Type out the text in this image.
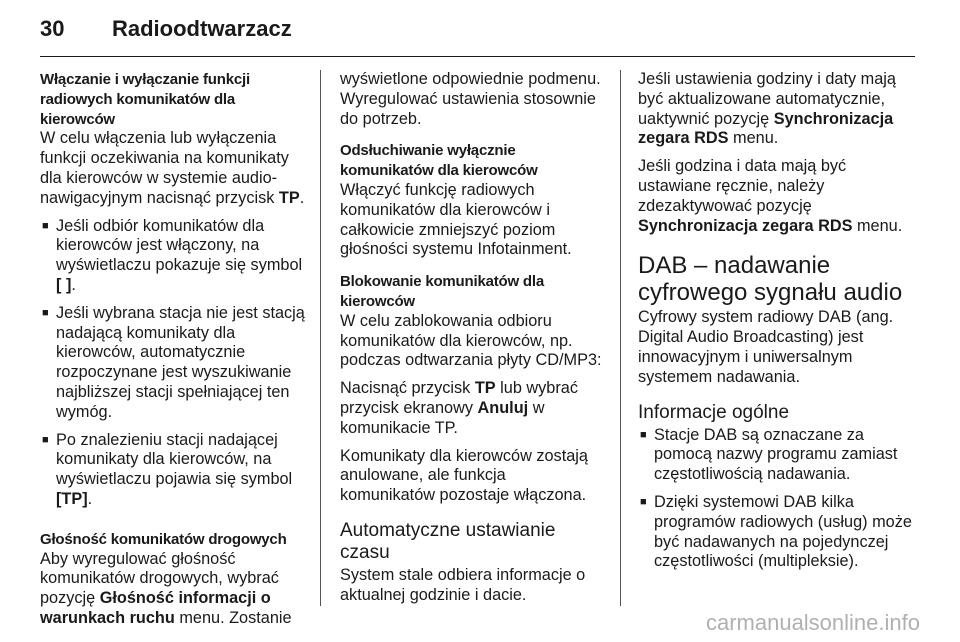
30 Radioodtwarzacz
Włączanie i wyłączanie funkcji radiowych komunikatów dla kierowców

W celu włączenia lub wyłączenia funkcji oczekiwania na komunikaty dla kierowców w systemie audio-nawigacyjnym nacisnąć przycisk TP.

■ Jeśli odbiór komunikatów dla kierowców jest włączony, na wyświetlaczu pokazuje się symbol [ ].
■ Jeśli wybrana stacja nie jest stacją nadającą komunikaty dla kierowców, automatycznie rozpoczynane jest wyszukiwanie najbliższej stacji spełniającej ten wymóg.
■ Po znalezieniu stacji nadającej komunikaty dla kierowców, na wyświetlaczu pojawia się symbol [TP].
Głośność komunikatów drogowych

Aby wyregulować głośność komunikatów drogowych, wybrać pozycję Głośność informacji o warunkach ruchu menu. Zostanie

wyświetlone odpowiednie podmenu. Wyregulować ustawienia stosownie do potrzeb.

Odsłuchiwanie wyłącznie komunikatów dla kierowców

Włączyć funkcję radiowych komunikatów dla kierowców i całkowicie zmniejszyć poziom głośności systemu Infotainment.

Blokowanie komunikatów dla kierowców

W celu zablokowania odbioru komunikatów dla kierowców, np. podczas odtwarzania płyty CD/MP3:

Nacisnąć przycisk TP lub wybrać przycisk ekranowy Anuluj w komunikacie TP.

Komunikaty dla kierowców zostają anulowane, ale funkcja komunikatów pozostaje włączona.

Automatyczne ustawianie czasu

System stale odbiera informacje o aktualnej godzinie i dacie.

Jeśli ustawienia godziny i daty mają być aktualizowane automatycznie, uaktywnić pozycję Synchronizacja zegara RDS menu.

Jeśli godzina i data mają być ustawiane ręcznie, należy zdezaktywować pozycję Synchronizacja zegara RDS menu.

DAB – nadawanie cyfrowego sygnału audio

Cyfrowy system radiowy DAB (ang. Digital Audio Broadcasting) jest innowacyjnym i uniwersalnym systemem nadawania.

Informacje ogólne
■ Stacje DAB są oznaczane za pomocą nazwy programu zamiast częstotliwością nadawania.
■ Dzięki systemowi DAB kilka programów radiowych (usług) może być nadawanych na pojedynczej częstotliwości (multipleksie).
carmanualsonline.info
